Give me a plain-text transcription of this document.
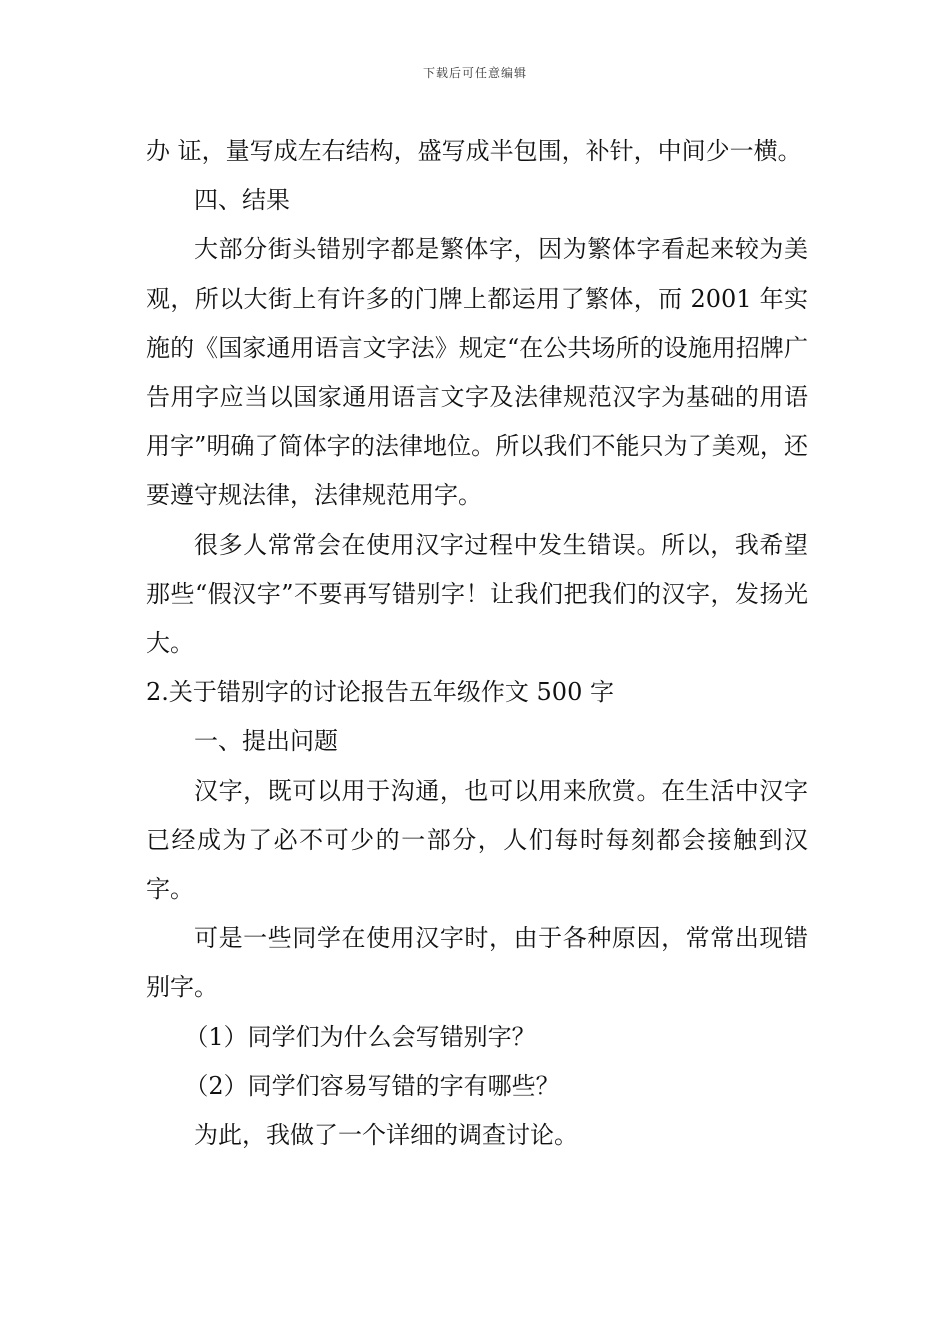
下载后可任意编辑

办 证，量写成左右结构，盛写成半包围，补针，中间少一横。

四、结果

大部分街头错别字都是繁体字，因为繁体字看起来较为美观，所以大街上有许多的门牌上都运用了繁体，而 2001 年实施的《国家通用语言文字法》规定“在公共场所的设施用招牌广告用字应当以国家通用语言文字及法律规范汉字为基础的用语用字”明确了简体字的法律地位。所以我们不能只为了美观，还要遵守规法律，法律规范用字。

很多人常常会在使用汉字过程中发生错误。所以，我希望那些“假汉字”不要再写错别字！让我们把我们的汉字，发扬光大。

2.关于错别字的讨论报告五年级作文 500 字

一、提出问题

汉字，既可以用于沟通，也可以用来欣赏。在生活中汉字已经成为了必不可少的一部分，人们每时每刻都会接触到汉字。

可是一些同学在使用汉字时，由于各种原因，常常出现错别字。

（1）同学们为什么会写错别字？

（2）同学们容易写错的字有哪些？

为此，我做了一个详细的调查讨论。
